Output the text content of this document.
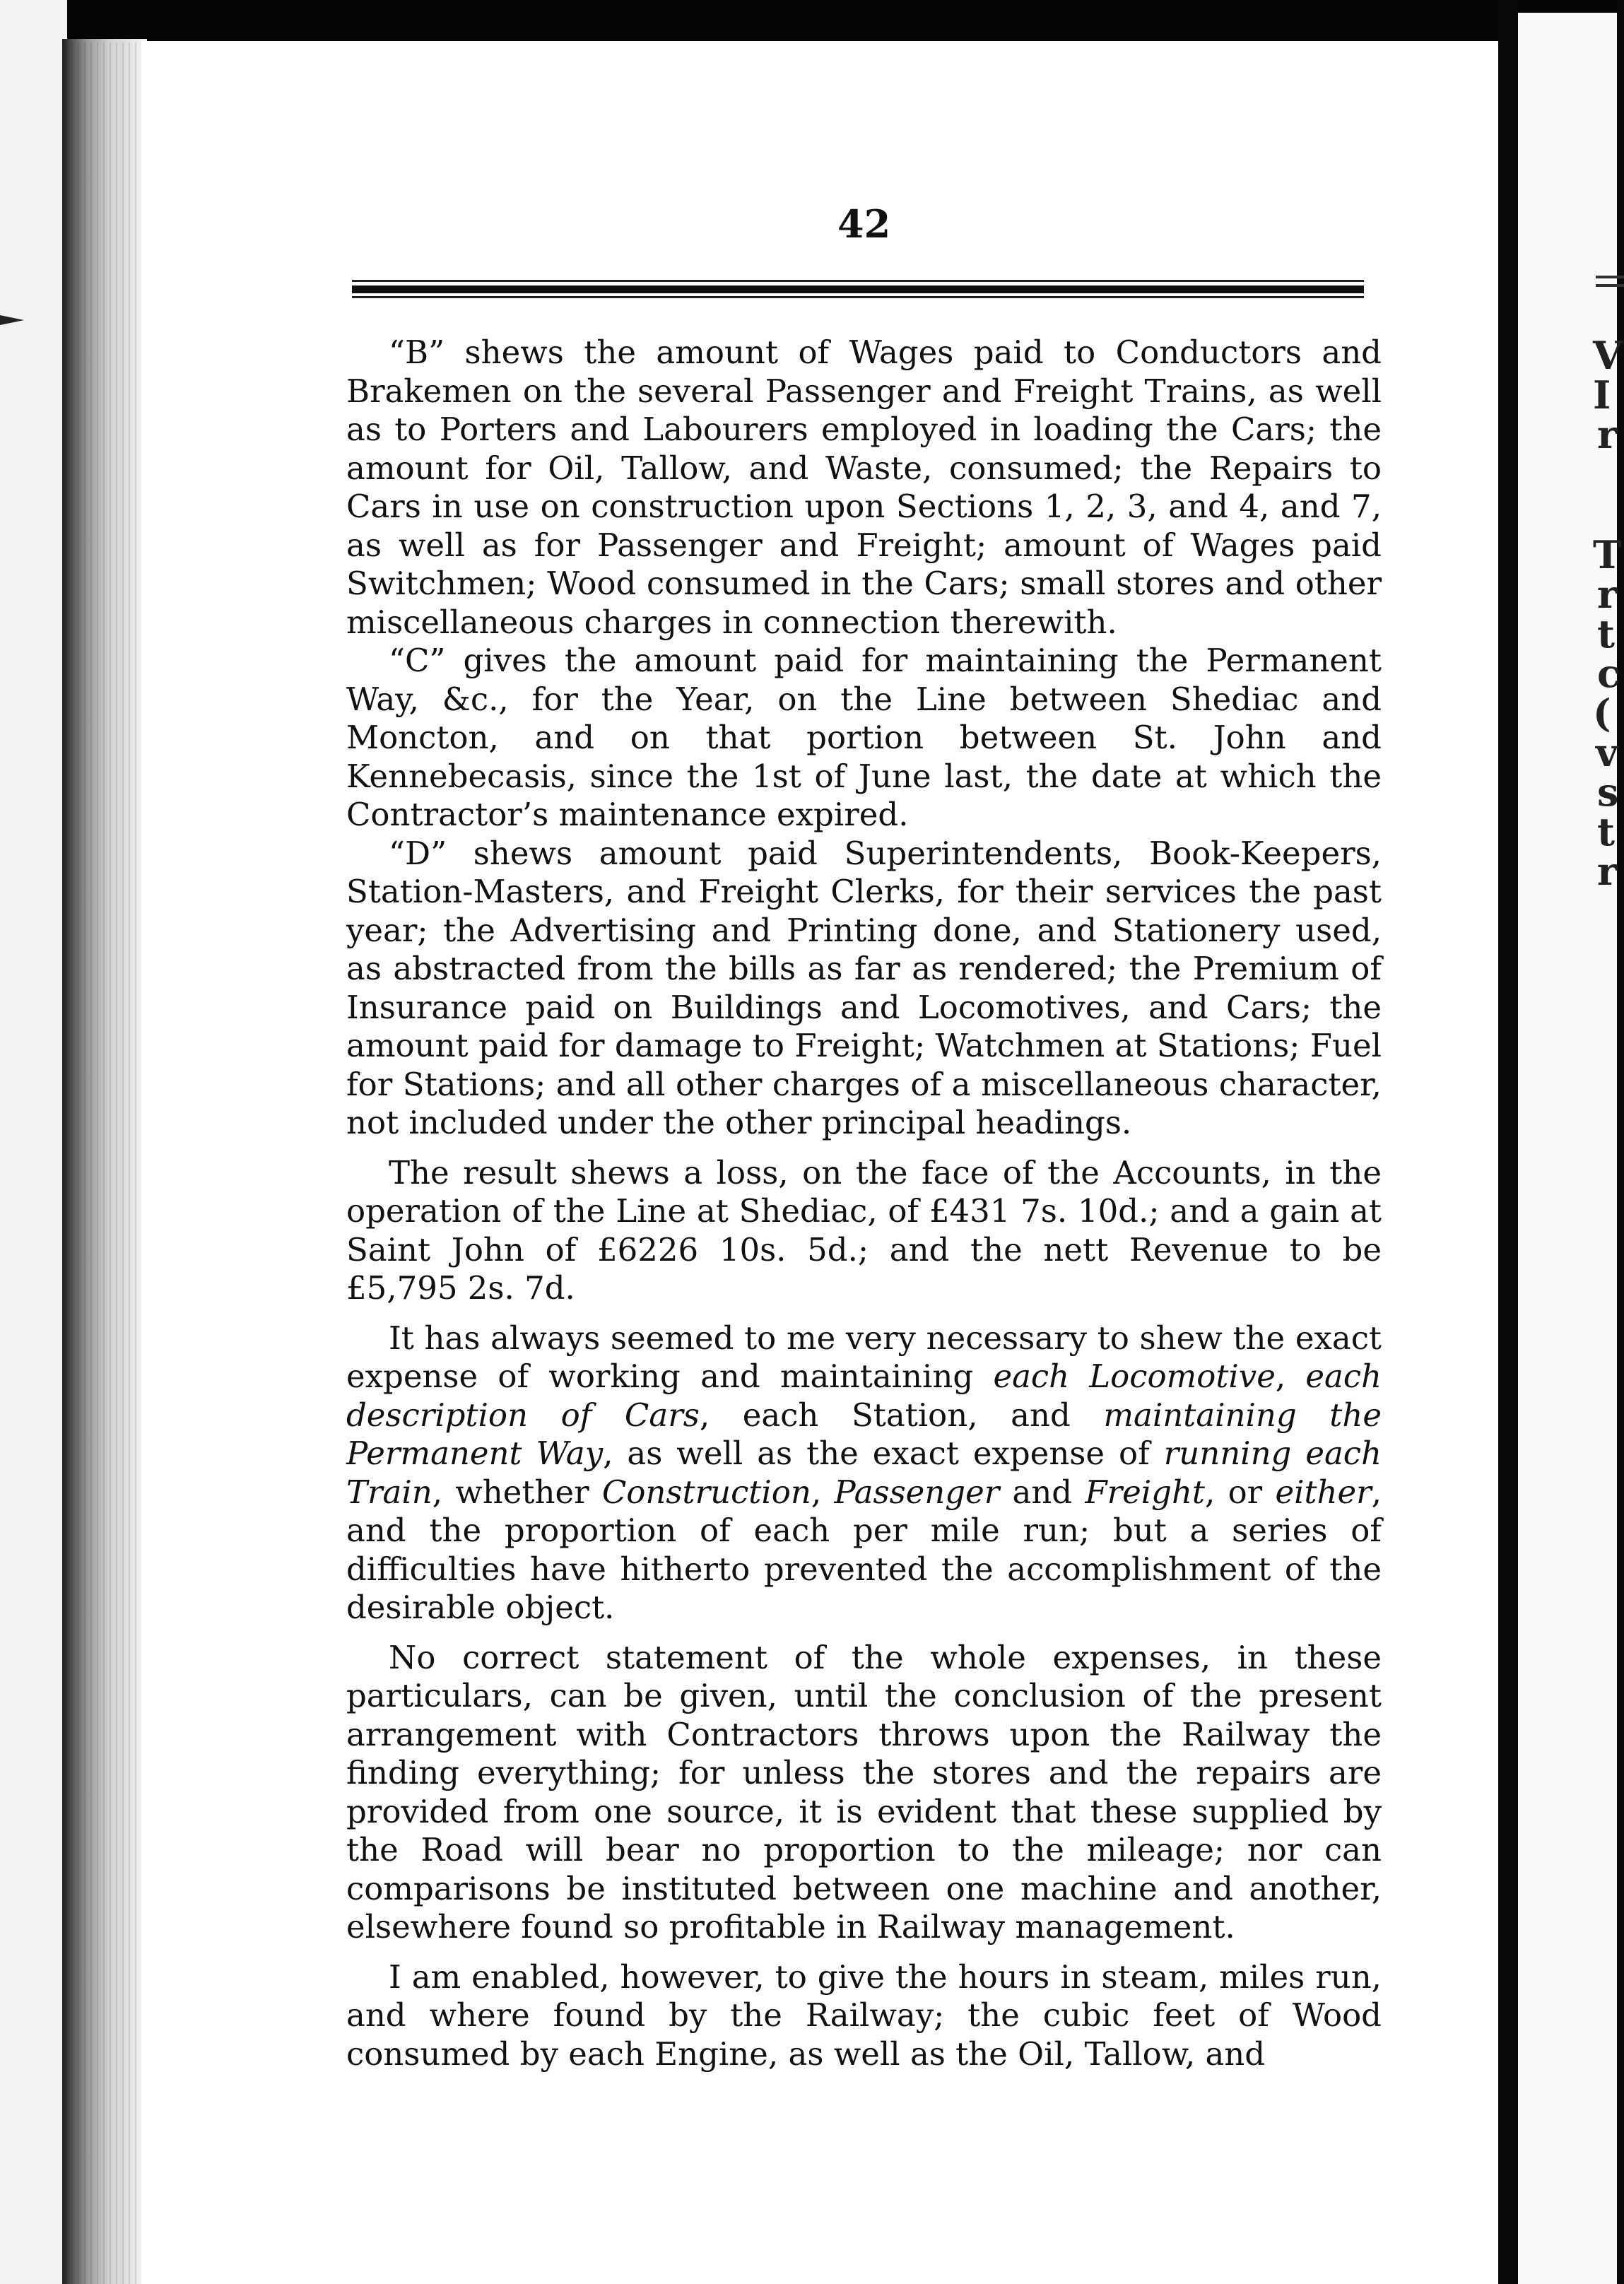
42

“B” shews the amount of Wages paid to Conductors and Brakemen on the several Passenger and Freight Trains, as well as to Porters and Labourers employed in loading the Cars; the amount for Oil, Tallow, and Waste, consumed; the Repairs to Cars in use on construction upon Sections 1, 2, 3, and 4, and 7, as well as for Passenger and Freight; amount of Wages paid Switchmen; Wood consumed in the Cars; small stores and other miscellaneous charges in connection therewith.

“C” gives the amount paid for maintaining the Permanent Way, &c., for the Year, on the Line between Shediac and Moncton, and on that portion between St. John and Kennebecasis, since the 1st of June last, the date at which the Contractor’s maintenance expired.

“D” shews amount paid Superintendents, Book-Keepers, Station-Masters, and Freight Clerks, for their services the past year; the Advertising and Printing done, and Stationery used, as abstracted from the bills as far as rendered; the Premium of Insurance paid on Buildings and Locomotives, and Cars; the amount paid for damage to Freight; Watchmen at Stations; Fuel for Stations; and all other charges of a miscellaneous character, not included under the other principal headings.

The result shews a loss, on the face of the Accounts, in the operation of the Line at Shediac, of £431 7s. 10d.; and a gain at Saint John of £6226 10s. 5d.; and the nett Revenue to be £5,795 2s. 7d.

It has always seemed to me very necessary to shew the exact expense of working and maintaining each Locomotive, each description of Cars, each Station, and maintaining the Permanent Way, as well as the exact expense of running each Train, whether Construction, Passenger and Freight, or either, and the proportion of each per mile run; but a series of difficulties have hitherto prevented the accomplishment of the desirable object.

No correct statement of the whole expenses, in these particulars, can be given, until the conclusion of the present arrangement with Contractors throws upon the Railway the finding everything; for unless the stores and the repairs are provided from one source, it is evident that these supplied by the Road will bear no proportion to the mileage; nor can comparisons be instituted between one machine and another, elsewhere found so profitable in Railway management.

I am enabled, however, to give the hours in steam, miles run, and where found by the Railway; the cubic feet of Wood consumed by each Engine, as well as the Oil, Tallow, and

V
I
r
T
r
t
c
(
v
s
t
r
